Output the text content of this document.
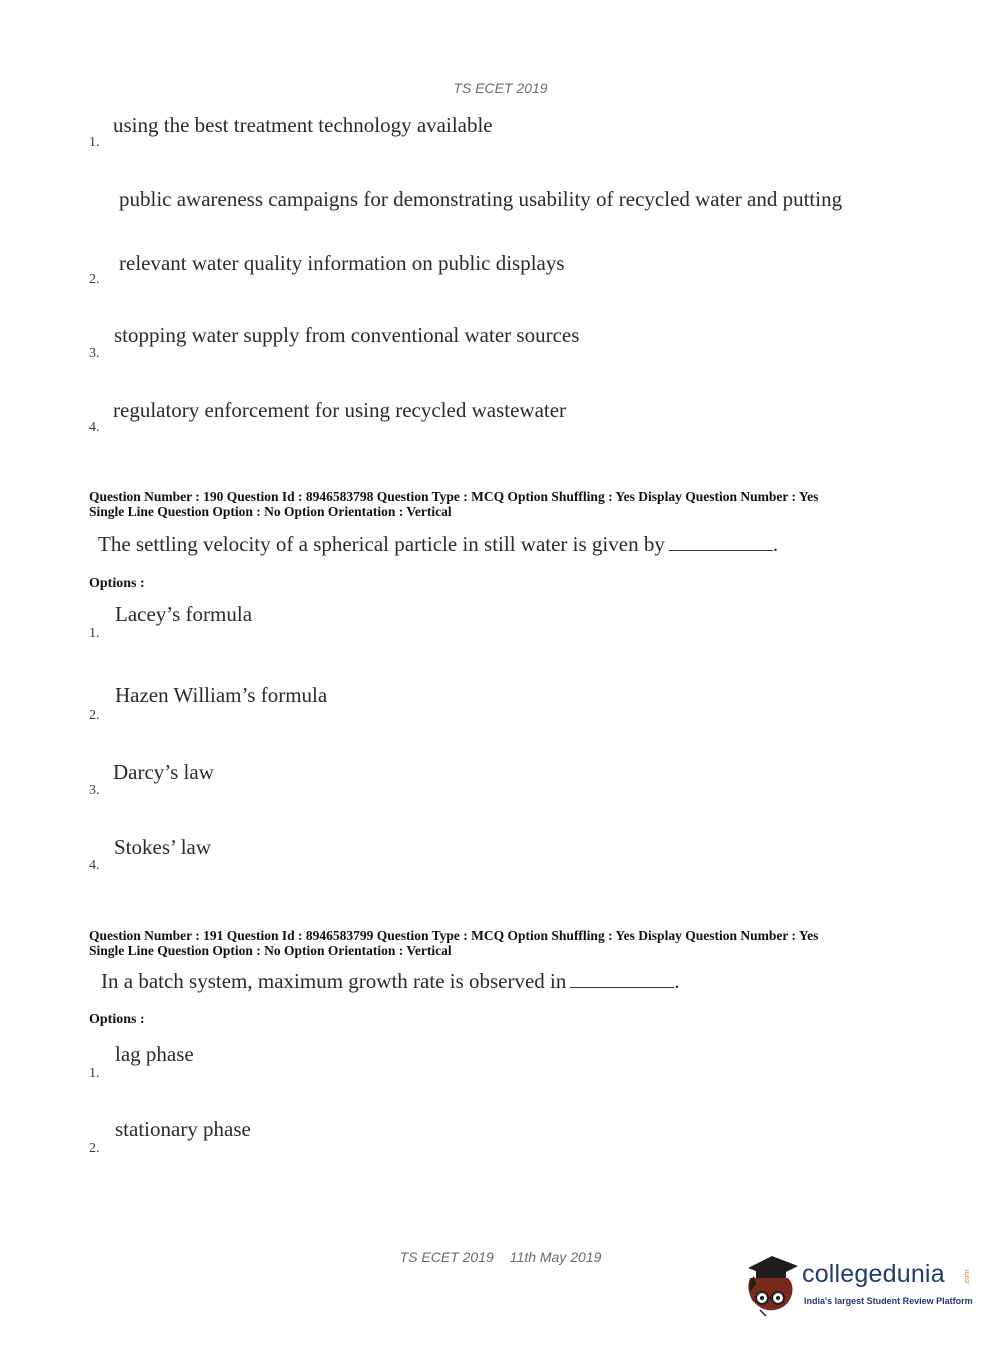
TS ECET 2019
using the best treatment technology available
1.
public awareness campaigns for demonstrating usability of recycled water and putting
relevant water quality information on public displays
2.
stopping water supply from conventional water sources
3.
regulatory enforcement for using recycled wastewater
4.
Question Number : 190 Question Id : 8946583798 Question Type : MCQ Option Shuffling : Yes Display Question Number : Yes
Single Line Question Option : No Option Orientation : Vertical
The settling velocity of a spherical particle in still water is given by	.
Options :
Lacey’s formula
1.
Hazen William’s formula
2.
Darcy’s law
3.
Stokes’ law
4.
Question Number : 191 Question Id : 8946583799 Question Type : MCQ Option Shuffling : Yes Display Question Number : Yes
Single Line Question Option : No Option Orientation : Vertical
In a batch system, maximum growth rate is observed in	.
Options :
lag phase
1.
stationary phase
2.
TS ECET 2019 11th May 2019
collegedunia	.com
India's largest Student Review Platform
